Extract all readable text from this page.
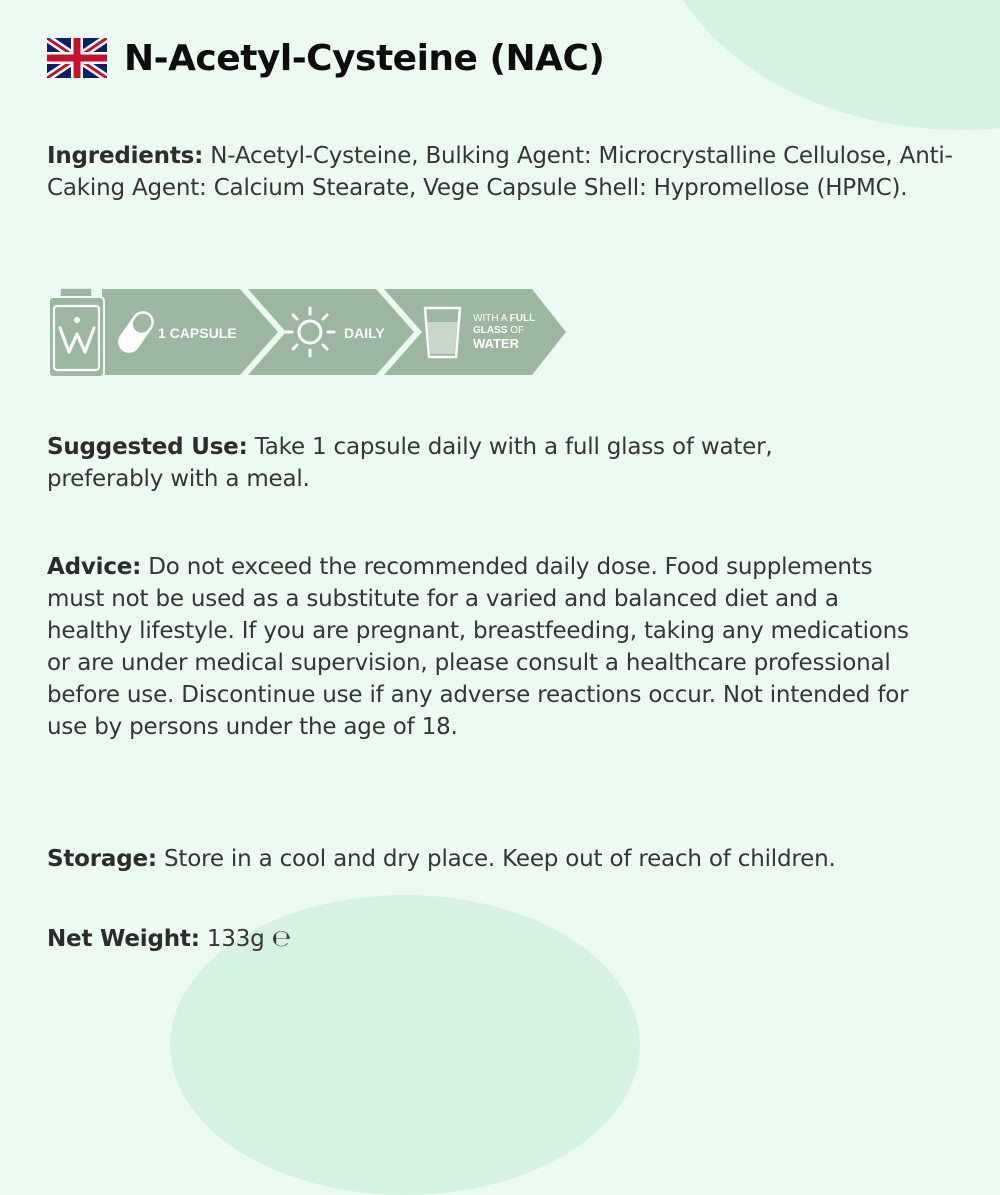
N-Acetyl-Cysteine (NAC)

Ingredients: N-Acetyl-Cysteine, Bulking Agent: Microcrystalline Cellulose, Anti-Caking Agent: Calcium Stearate, Vege Capsule Shell: Hypromellose (HPMC).

1 CAPSULE	DAILY
WITH A FULL
GLASS OF
WATER

Suggested Use: Take 1 capsule daily with a full glass of water, preferably with a meal.

Advice: Do not exceed the recommended daily dose. Food supplements must not be used as a substitute for a varied and balanced diet and a healthy lifestyle. If you are pregnant, breastfeeding, taking any medications or are under medical supervision, please consult a healthcare professional before use. Discontinue use if any adverse reactions occur. Not intended for use by persons under the age of 18.

Storage: Store in a cool and dry place. Keep out of reach of children.

Net Weight: 133g ℮
